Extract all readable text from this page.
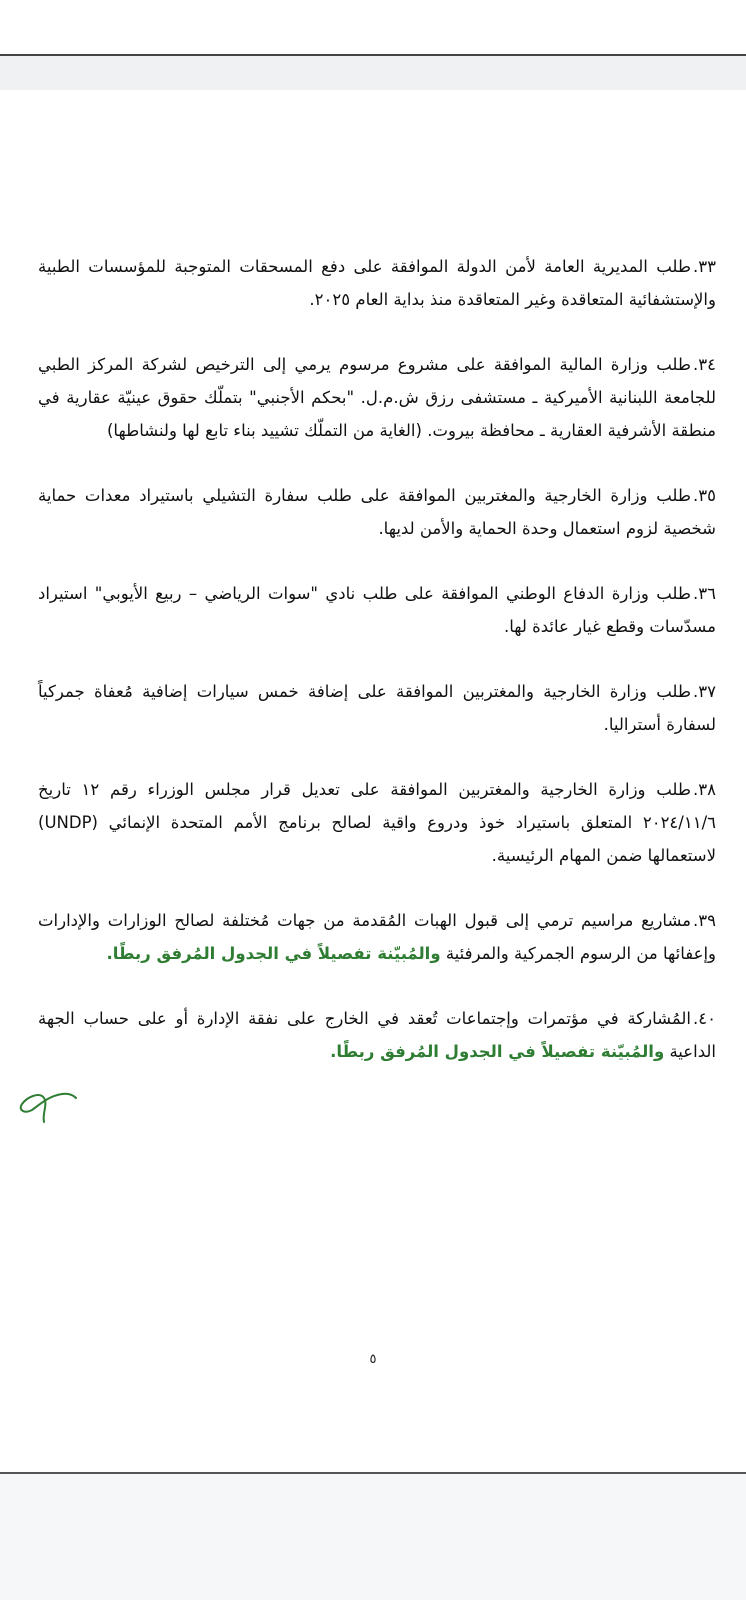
٣٣.طلب المديرية العامة لأمن الدولة الموافقة على دفع المسحقات المتوجبة للمؤسسات الطبية والإستشفائية المتعاقدة وغير المتعاقدة منذ بداية العام ٢٠٢٥.

٣٤.طلب وزارة المالية الموافقة على مشروع مرسوم يرمي إلى الترخيص لشركة المركز الطبي للجامعة اللبنانية الأميركية ـ مستشفى رزق ش.م.ل. "بحكم الأجنبي" بتملّك حقوق عينيّة عقارية في منطقة الأشرفية العقارية ـ محافظة بيروت. (الغاية من التملّك تشييد بناء تابع لها ولنشاطها)

٣٥.طلب وزارة الخارجية والمغتربين الموافقة على طلب سفارة التشيلي باستيراد معدات حماية شخصية لزوم استعمال وحدة الحماية والأمن لديها.

٣٦.طلب وزارة الدفاع الوطني الموافقة على طلب نادي "سوات الرياضي – ربيع الأيوبي" استيراد مسدّسات وقطع غيار عائدة لها.

٣٧.طلب وزارة الخارجية والمغتربين الموافقة على إضافة خمس سيارات إضافية مُعفاة جمركياً لسفارة أستراليا.

٣٨.طلب وزارة الخارجية والمغتربين الموافقة على تعديل قرار مجلس الوزراء رقم ١٢ تاريخ ٢٠٢٤/١١/٦ المتعلق باستيراد خوذ ودروع واقية لصالح برنامج الأمم المتحدة الإنمائي (UNDP) لاستعمالها ضمن المهام الرئيسية.

٣٩.مشاريع مراسيم ترمي إلى قبول الهبات المُقدمة من جهات مُختلفة لصالح الوزارات والإدارات وإعفائها من الرسوم الجمركية والمرفئية والمُبيّنة تفصيلاً في الجدول المُرفق ربطًا.

٤٠.المُشاركة في مؤتمرات وإجتماعات تُعقد في الخارج على نفقة الإدارة أو على حساب الجهة الداعية والمُبيّنة تفصيلاً في الجدول المُرفق ربطًا.

٥
